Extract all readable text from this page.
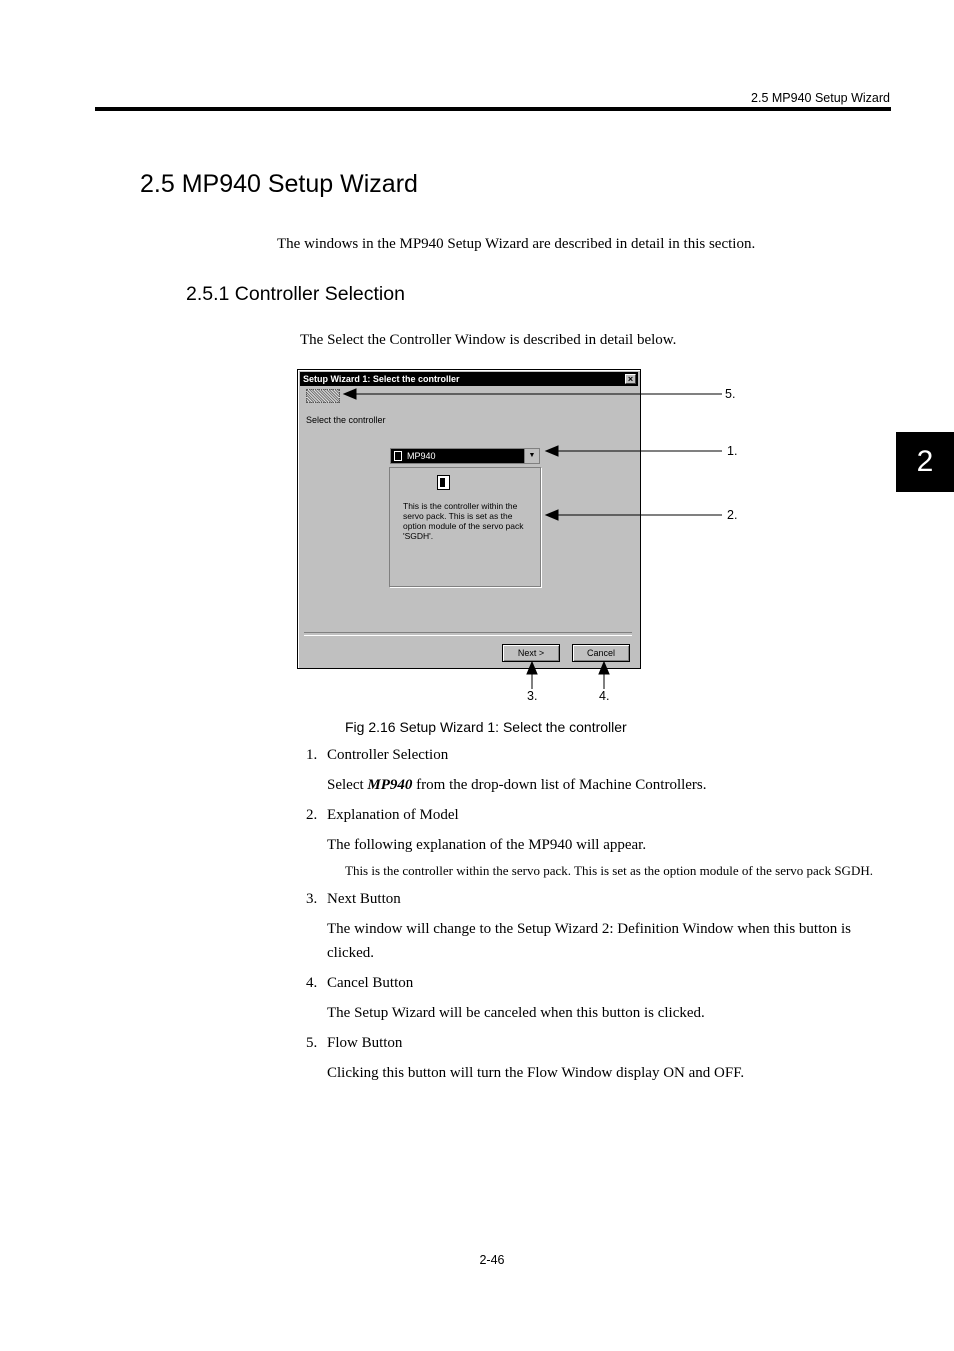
2.5 MP940 Setup Wizard
2
2.5 MP940 Setup Wizard
The windows in the MP940 Setup Wizard are described in detail in this section.
2.5.1 Controller Selection
The Select the Controller Window is described in detail below.
Setup Wizard 1: Select the controller	×
Select the controller
MP940	▼
This is the controller within the servo pack. This is set as the option module of the servo pack 'SGDH'.
Next >	Cancel
5.
1.
2.
3.	4.
Fig 2.16 Setup Wizard 1: Select the controller
1. Controller Selection
Select MP940 from the drop-down list of Machine Controllers.
2. Explanation of Model
The following explanation of the MP940 will appear.
This is the controller within the servo pack. This is set as the option module of the servo pack SGDH.
3. Next Button
The window will change to the Setup Wizard 2: Definition Window when this button is clicked.
4. Cancel Button
The Setup Wizard will be canceled when this button is clicked.
5. Flow Button
Clicking this button will turn the Flow Window display ON and OFF.
2-46
